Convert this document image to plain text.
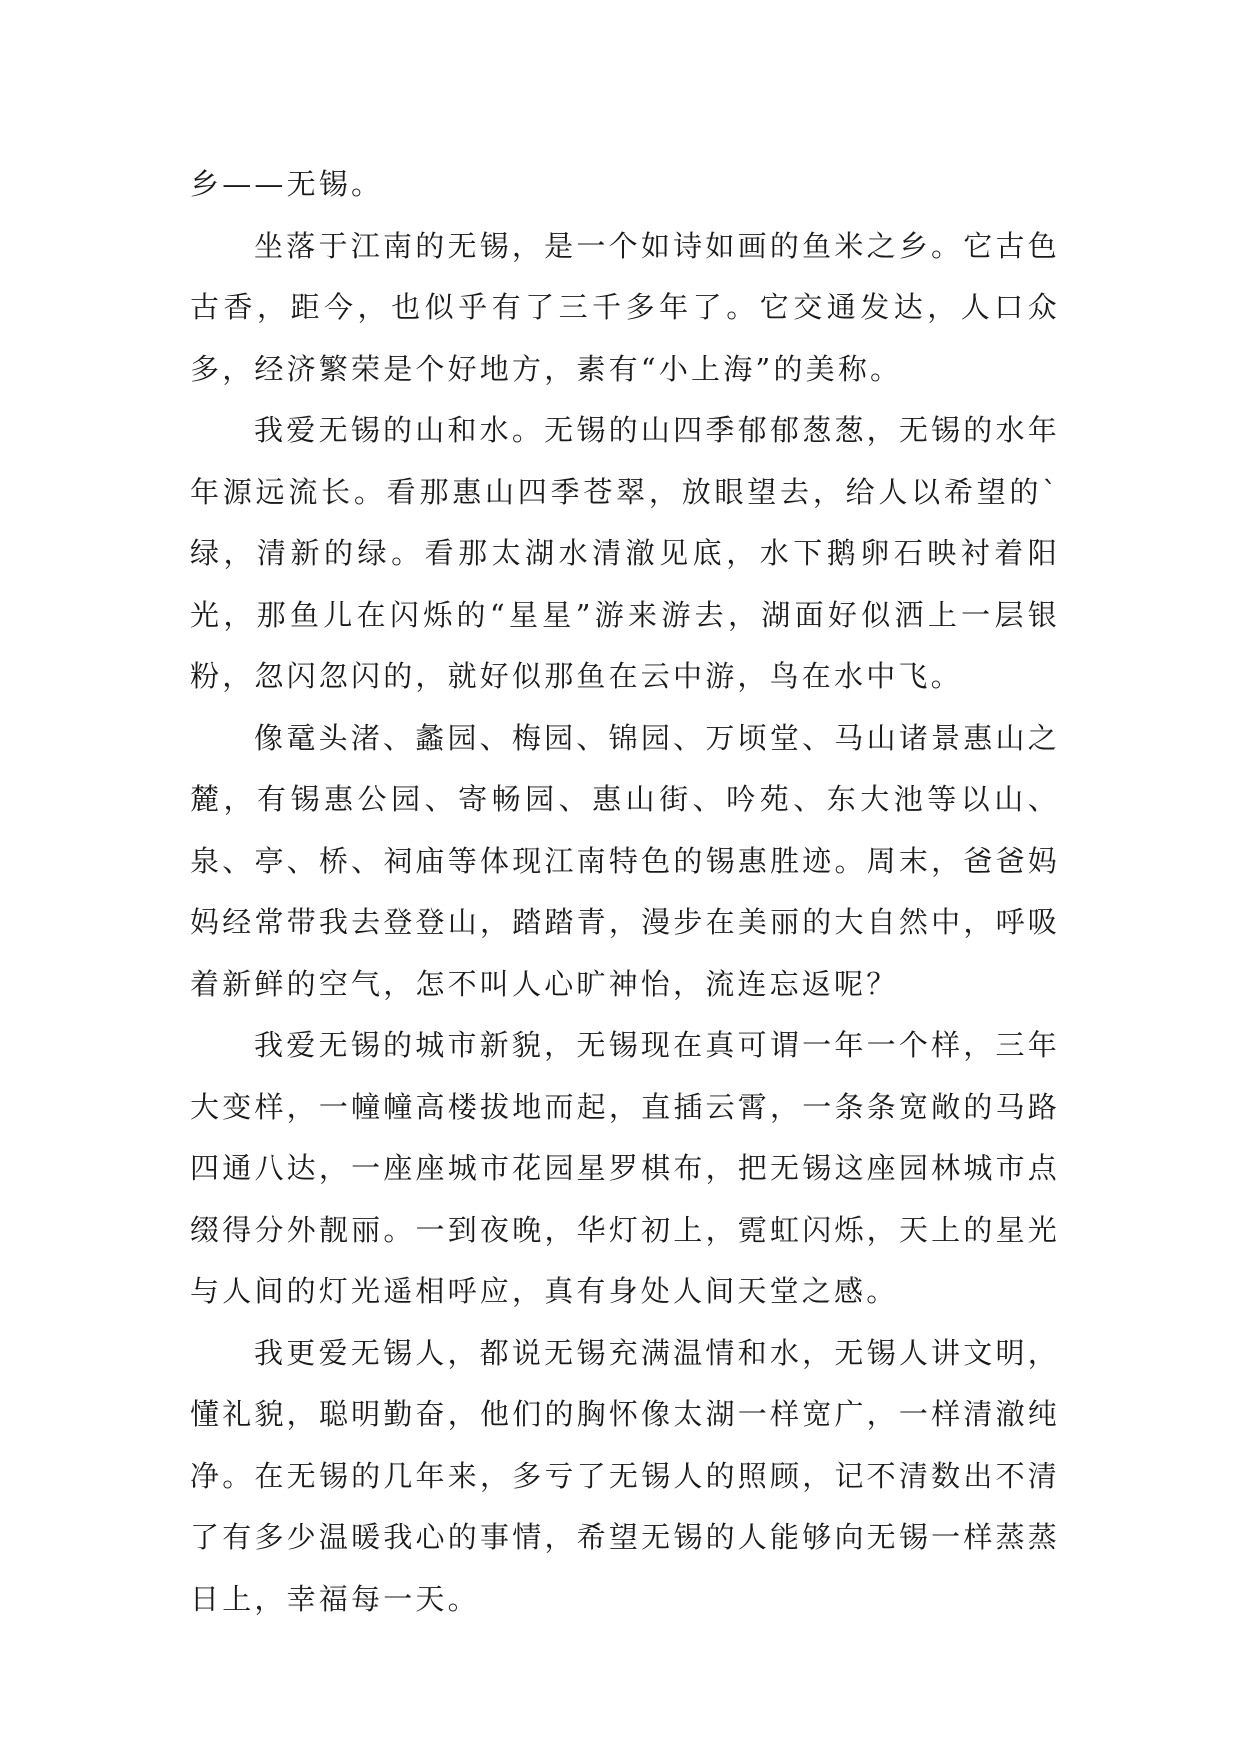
乡——无锡。

坐落于江南的无锡，是一个如诗如画的鱼米之乡。它古色古香，距今，也似乎有了三千多年了。它交通发达，人口众多，经济繁荣是个好地方，素有“小上海”的美称。

我爱无锡的山和水。无锡的山四季郁郁葱葱，无锡的水年年源远流长。看那惠山四季苍翠，放眼望去，给人以希望的`绿，清新的绿。看那太湖水清澈见底，水下鹅卵石映衬着阳光，那鱼儿在闪烁的“星星”游来游去，湖面好似洒上一层银粉，忽闪忽闪的，就好似那鱼在云中游，鸟在水中飞。

像鼋头渚、蠡园、梅园、锦园、万顷堂、马山诸景惠山之麓，有锡惠公园、寄畅园、惠山街、吟苑、东大池等以山、泉、亭、桥、祠庙等体现江南特色的锡惠胜迹。周末，爸爸妈妈经常带我去登登山，踏踏青，漫步在美丽的大自然中，呼吸着新鲜的空气，怎不叫人心旷神怡，流连忘返呢？

我爱无锡的城市新貌，无锡现在真可谓一年一个样，三年大变样，一幢幢高楼拔地而起，直插云霄，一条条宽敞的马路四通八达，一座座城市花园星罗棋布，把无锡这座园林城市点缀得分外靓丽。一到夜晚，华灯初上，霓虹闪烁，天上的星光与人间的灯光遥相呼应，真有身处人间天堂之感。

我更爱无锡人，都说无锡充满温情和水，无锡人讲文明，懂礼貌，聪明勤奋，他们的胸怀像太湖一样宽广，一样清澈纯净。在无锡的几年来，多亏了无锡人的照顾，记不清数出不清了有多少温暖我心的事情，希望无锡的人能够向无锡一样蒸蒸日上，幸福每一天。
